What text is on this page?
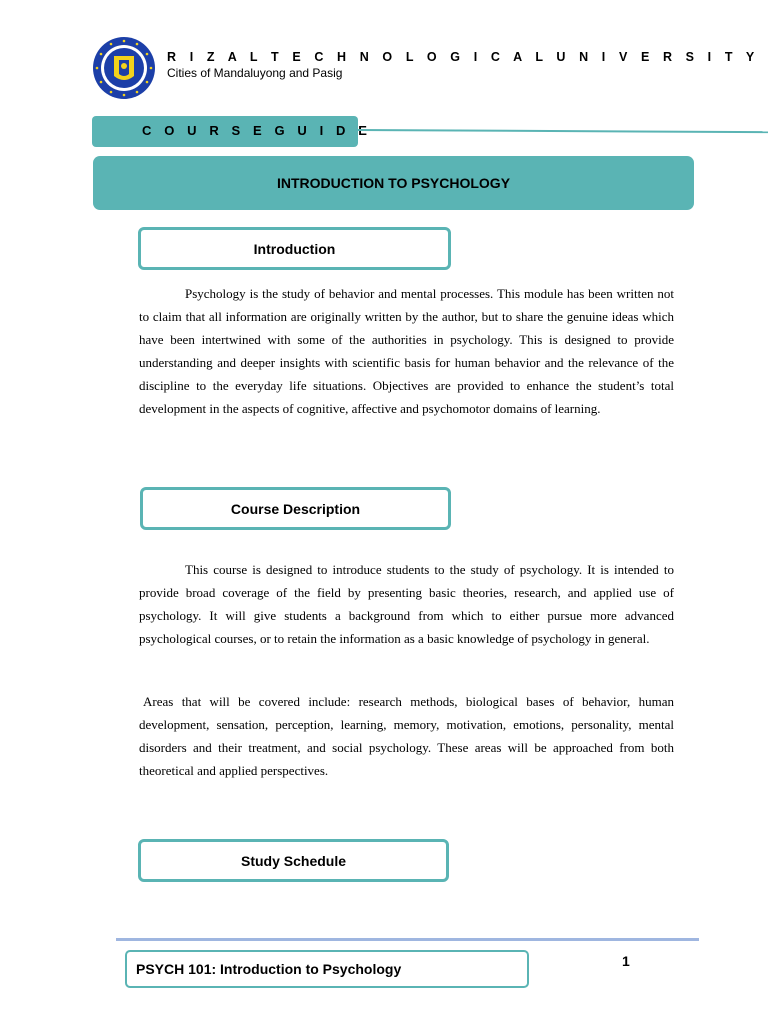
R I Z A L T E C H N O L O G I C A L U N I V E R S I T Y
Cities of Mandaluyong and Pasig
C O U R S E G U I D E
INTRODUCTION TO PSYCHOLOGY
Introduction
Psychology is the study of behavior and mental processes. This module has been written not to claim that all information are originally written by the author, but to share the genuine ideas which have been intertwined with some of the authorities in psychology. This is designed to provide understanding and deeper insights with scientific basis for human behavior and the relevance of the discipline to the everyday life situations. Objectives are provided to enhance the student’s total development in the aspects of cognitive, affective and psychomotor domains of learning.
Course Description
This course is designed to introduce students to the study of psychology. It is intended to provide broad coverage of the field by presenting basic theories, research, and applied use of psychology. It will give students a background from which to either pursue more advanced psychological courses, or to retain the information as a basic knowledge of psychology in general.
Areas that will be covered include: research methods, biological bases of behavior, human development, sensation, perception, learning, memory, motivation, emotions, personality, mental disorders and their treatment, and social psychology. These areas will be approached from both theoretical and applied perspectives.
Study Schedule
PSYCH 101: Introduction to Psychology	1
